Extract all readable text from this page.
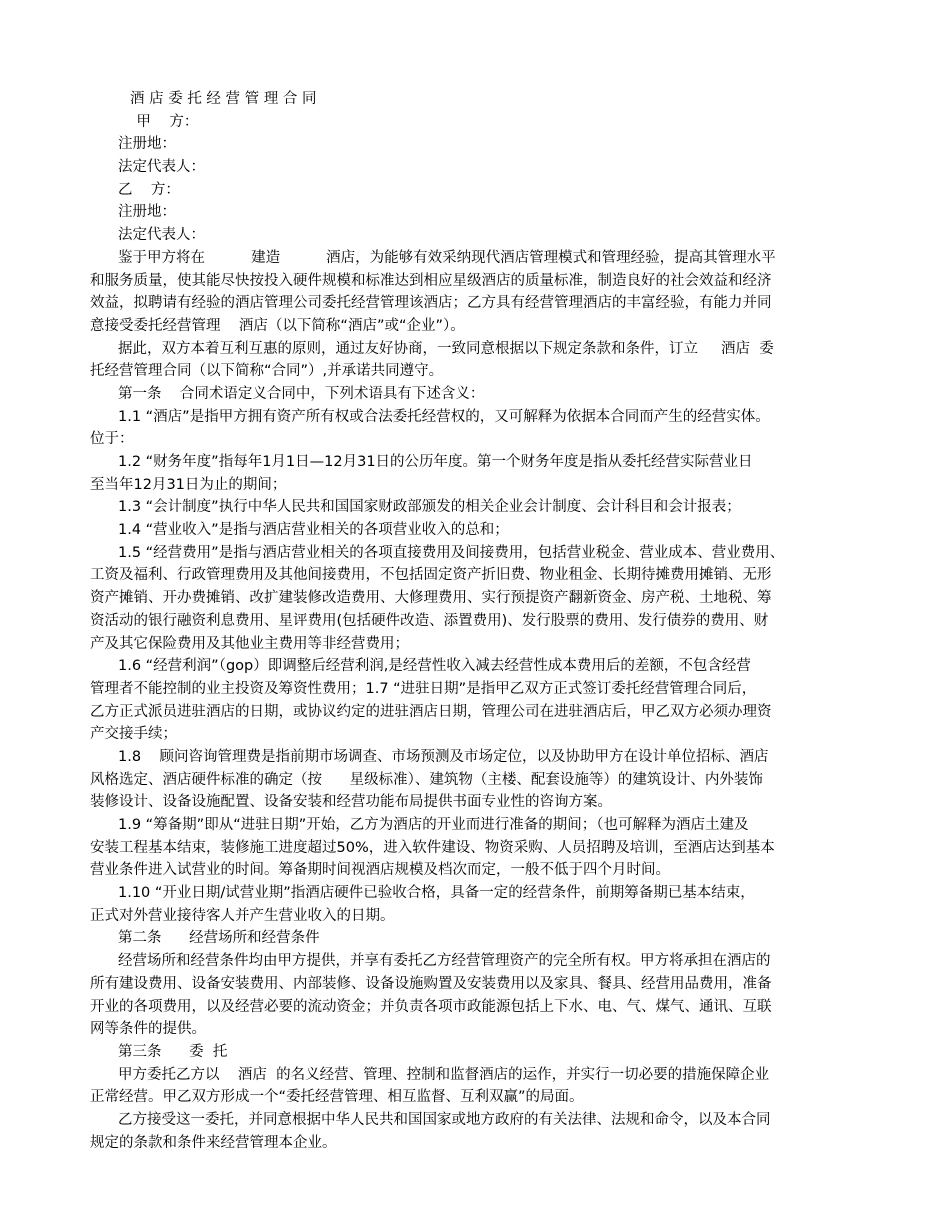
酒 店 委 托 经 营 管 理 合 同
甲    方：
注册地：
法定代表人：
乙    方：
注册地：
法定代表人：
鉴于甲方将在          建造          酒店，为能够有效采纳现代酒店管理模式和管理经验，提高其管理水平
和服务质量，使其能尽快按投入硬件规模和标准达到相应星级酒店的质量标准，制造良好的社会效益和经济
效益，拟聘请有经验的酒店管理公司委托经营管理该酒店；乙方具有经营管理酒店的丰富经验，有能力并同
意接受委托经营管理    酒店（以下简称“酒店”或“企业”）。
据此，双方本着互利互惠的原则，通过友好协商，一致同意根据以下规定条款和条件，订立     酒店  委
托经营管理合同（以下简称“合同”）,并承诺共同遵守。
第一条    合同术语定义合同中，下列术语具有下述含义：
1.1 “酒店”是指甲方拥有资产所有权或合法委托经营权的，又可解释为依据本合同而产生的经营实体。
位于：
1.2 “财务年度”指每年1月1日—12月31日的公历年度。第一个财务年度是指从委托经营实际营业日
至当年12月31日为止的期间；
1.3 “会计制度”执行中华人民共和国国家财政部颁发的相关企业会计制度、会计科目和会计报表；
1.4 “营业收入”是指与酒店营业相关的各项营业收入的总和；
1.5 “经营费用”是指与酒店营业相关的各项直接费用及间接费用，包括营业税金、营业成本、营业费用、
工资及福利、行政管理费用及其他间接费用，不包括固定资产折旧费、物业租金、长期待摊费用摊销、无形
资产摊销、开办费摊销、改扩建装修改造费用、大修理费用、实行预提资产翻新资金、房产税、土地税、筹
资活动的银行融资利息费用、星评费用(包括硬件改造、添置费用)、发行股票的费用、发行债券的费用、财
产及其它保险费用及其他业主费用等非经营费用；
1.6 “经营利润”（gop）即调整后经营利润,是经营性收入减去经营性成本费用后的差额，不包含经营
管理者不能控制的业主投资及筹资性费用；1.7 “进驻日期”是指甲乙双方正式签订委托经营管理合同后，
乙方正式派员进驻酒店的日期，或协议约定的进驻酒店日期，管理公司在进驻酒店后，甲乙双方必须办理资
产交接手续；
1.8    顾问咨询管理费是指前期市场调查、市场预测及市场定位，以及协助甲方在设计单位招标、酒店
风格选定、酒店硬件标准的确定（按      星级标准）、建筑物（主楼、配套设施等）的建筑设计、内外装饰
装修设计、设备设施配置、设备安装和经营功能布局提供书面专业性的咨询方案。
1.9 “筹备期”即从“进驻日期”开始，乙方为酒店的开业而进行准备的期间；（也可解释为酒店土建及
安装工程基本结束，装修施工进度超过50%，进入软件建设、物资采购、人员招聘及培训，至酒店达到基本
营业条件进入试营业的时间。筹备期时间视酒店规模及档次而定，一般不低于四个月时间。
1.10 “开业日期/试营业期”指酒店硬件已验收合格，具备一定的经营条件，前期筹备期已基本结束，
正式对外营业接待客人并产生营业收入的日期。
第二条      经营场所和经营条件
经营场所和经营条件均由甲方提供，并享有委托乙方经营管理资产的完全所有权。甲方将承担在酒店的
所有建设费用、设备安装费用、内部装修、设备设施购置及安装费用以及家具、餐具、经营用品费用，准备
开业的各项费用，以及经营必要的流动资金；并负责各项市政能源包括上下水、电、气、煤气、通讯、互联
网等条件的提供。
第三条      委  托
甲方委托乙方以    酒店  的名义经营、管理、控制和监督酒店的运作，并实行一切必要的措施保障企业
正常经营。甲乙双方形成一个“委托经营管理、相互监督、互利双赢”的局面。
乙方接受这一委托，并同意根据中华人民共和国国家或地方政府的有关法律、法规和命令，以及本合同
规定的条款和条件来经营管理本企业。
